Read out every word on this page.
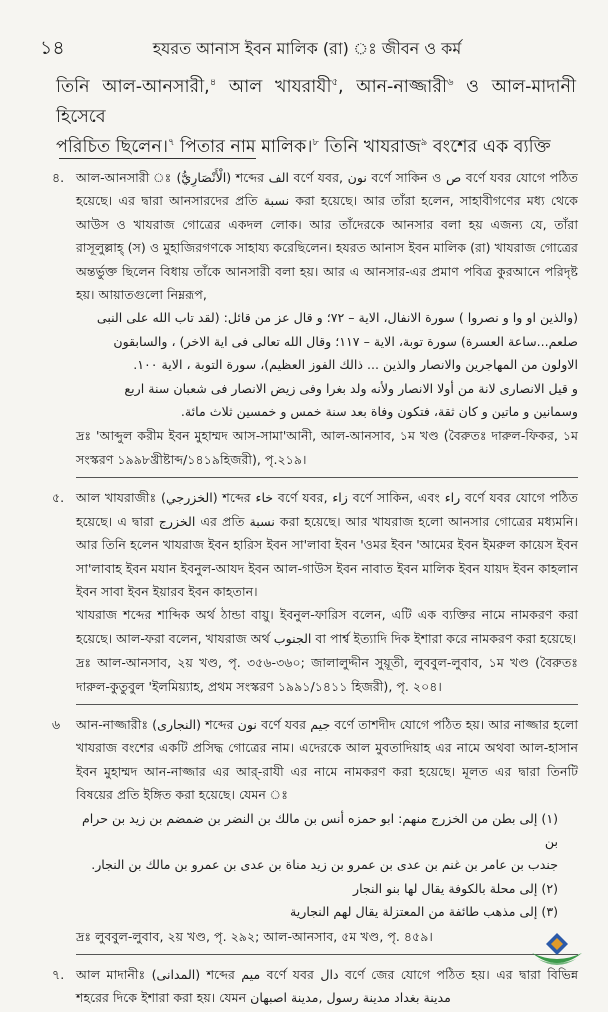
১৪	হযরত আনাস ইবন মালিক (রা) ঃ জীবন ও কর্ম
তিনি আল-আনসারী,$^৪$ আল খাযরাযী$^৫$, আন-নাজ্জারী$^৬$ ও আল-মাদানী হিসেবে
পরিচিত ছিলেন।$^৭$ পিতার নাম মালিক।$^৮$ তিনি খাযরাজ$^৯$ বংশের এক ব্যক্তি
৪. আল-আনসারী ঃ (الْأَنْصَارِيُّ) শব্দের الف বর্ণে যবর, نون বর্ণে সাকিন ও ص বর্ণে যবর যোগে পঠিত হয়েছে। এর দ্বারা আনসারদের প্রতি نسبة করা হয়েছে। আর তাঁরা হলেন, সাহাবীগণের মধ্য থেকে আউস ও খাযরাজ গোত্রের একদল লোক। আর তাঁদেরকে আনসার বলা হয় এজন্য যে, তাঁরা রাসূলুল্লাহ্ (স) ও মুহাজিরগণকে সাহায্য করেছিলেন। হযরত আনাস ইবন মালিক (রা) খাযরাজ গোত্রের অন্তর্ভুক্ত ছিলেন বিধায় তাঁকে আনসারী বলা হয়। আর এ আনসার-এর প্রমাণ পবিত্র কুরআনে পরিদৃষ্ট হয়। আয়াতগুলো নিম্নরূপ,

(والذين او وا و نصروا ) سورة الانفال، الاية – ٧٢؛ و قال عز من قائل: (لقد تاب الله على النبى
صلعم...ساعة العسرة) سورة توبة، الاية – ١١٧؛ وقال الله تعالى فى اية الاخر) ، والسابقون
الاولون من المهاجرين والانصار والذين ... ذالك الفوز العظيم)، سورة التوبة ، الاية ١٠٠.
و قيل الانصارى لانة من أولا الانصار ولأنه ولد بغرا وفى زيض الانصار فى شعبان سنة اربع
وسمانين و ماتين و كان ثقة، فتكون وفاة بعد سنة خمس و خمسين ثلاث مائة.

দ্রঃ 'আব্দুল করীম ইবন মুহাম্মদ আস-সামা'আনী, আল-আনসাব, ১ম খণ্ড (বৈরুতঃ দারুল-ফিকর, ১ম সংস্করণ ১৯৯৮খ্রীষ্টাব্দ/১৪১৯হিজরী), পৃ.২১৯।

৫. আল খাযরাজীঃ (الخزرجي) শব্দের خاء বর্ণে যবর, زاء বর্ণে সাকিন, এবং راء বর্ণে যবর যোগে পঠিত হয়েছে। এ দ্বারা الخزرج এর প্রতি نسبة করা হয়েছে। আর খাযরাজ হলো আনসার গোত্রের মধ্যমনি। আর তিনি হলেন খাযরাজ ইবন হারিস ইবন সা'লাবা ইবন 'ওমর ইবন 'আমের ইবন ইমরুল কায়েস ইবন সা'লাবাহ ইবন মযান ইবনুল-আযদ ইবন আল-গাউস ইবন নাবাত ইবন মালিক ইবন যায়দ ইবন কাহলান ইবন সাবা ইবন ইয়ারব ইবন কাহতান।

খাযরাজ শব্দের শাব্দিক অর্থ ঠান্ডা বায়ু। ইবনুল-ফারিস বলেন, এটি এক ব্যক্তির নামে নামকরণ করা হয়েছে। আল-ফরা বলেন, খাযরাজ অর্থ الجنوب বা পার্শ্ব ইত্যাদি দিক ইশারা করে নামকরণ করা হয়েছে।

দ্রঃ আল-আনসাব, ২য় খণ্ড, পৃ. ৩৫৬-৩৬০; জালালুদ্দীন সুয়ূতী, লুববুল-লুবাব, ১ম খণ্ড (বৈরুতঃ দারুল-কুতুবুল 'ইলমিয়্যাহ, প্রথম সংস্করণ ১৯৯১/১৪১১ হিজরী), পৃ. ২০৪।

৬ আন-নাজ্জারীঃ (النجارى) শব্দের نون বর্ণে যবর جيم বর্ণে তাশদীদ যোগে পঠিত হয়। আর নাজ্জার হলো খাযরাজ বংশের একটি প্রসিদ্ধ গোত্রের নাম। এদেরকে আল মুবতাদিয়াহ এর নামে অথবা আল-হাসান ইবন মুহাম্মদ আন-নাজ্জার এর আর্-রাযী এর নামে নামকরণ করা হয়েছে। মূলত এর দ্বারা তিনটি বিষয়ের প্রতি ইঙ্গিত করা হয়েছে। যেমন ঃ

(١) إلى بطن من الخزرج منهم: ابو حمزه أنس بن مالك بن النضر بن ضمضم بن زيد بن حرام بن
جندب بن عامر بن غنم بن عدى بن عمرو بن زيد مناة بن عدى بن عمرو بن مالك بن النجار.
(٢) إلى محلة بالكوفة يقال لها بنو النجار
(٣) إلى مذهب طائفة من المعتزلة يقال لهم النجارية

দ্রঃ লুববুল-লুবাব, ২য় খণ্ড, পৃ. ২৯২; আল-আনসাব, ৫ম খণ্ড, পৃ. ৪৫৯।

৭. আল মাদানীঃ (المدانى) শব্দের ميم বর্ণে যবর دال বর্ণে জের যোগে পঠিত হয়। এর দ্বারা বিভিন্ন শহরের দিকে ইশারা করা হয়। যেমন مدينة بغداد مدينة رسول ,مدينة اصبهان
